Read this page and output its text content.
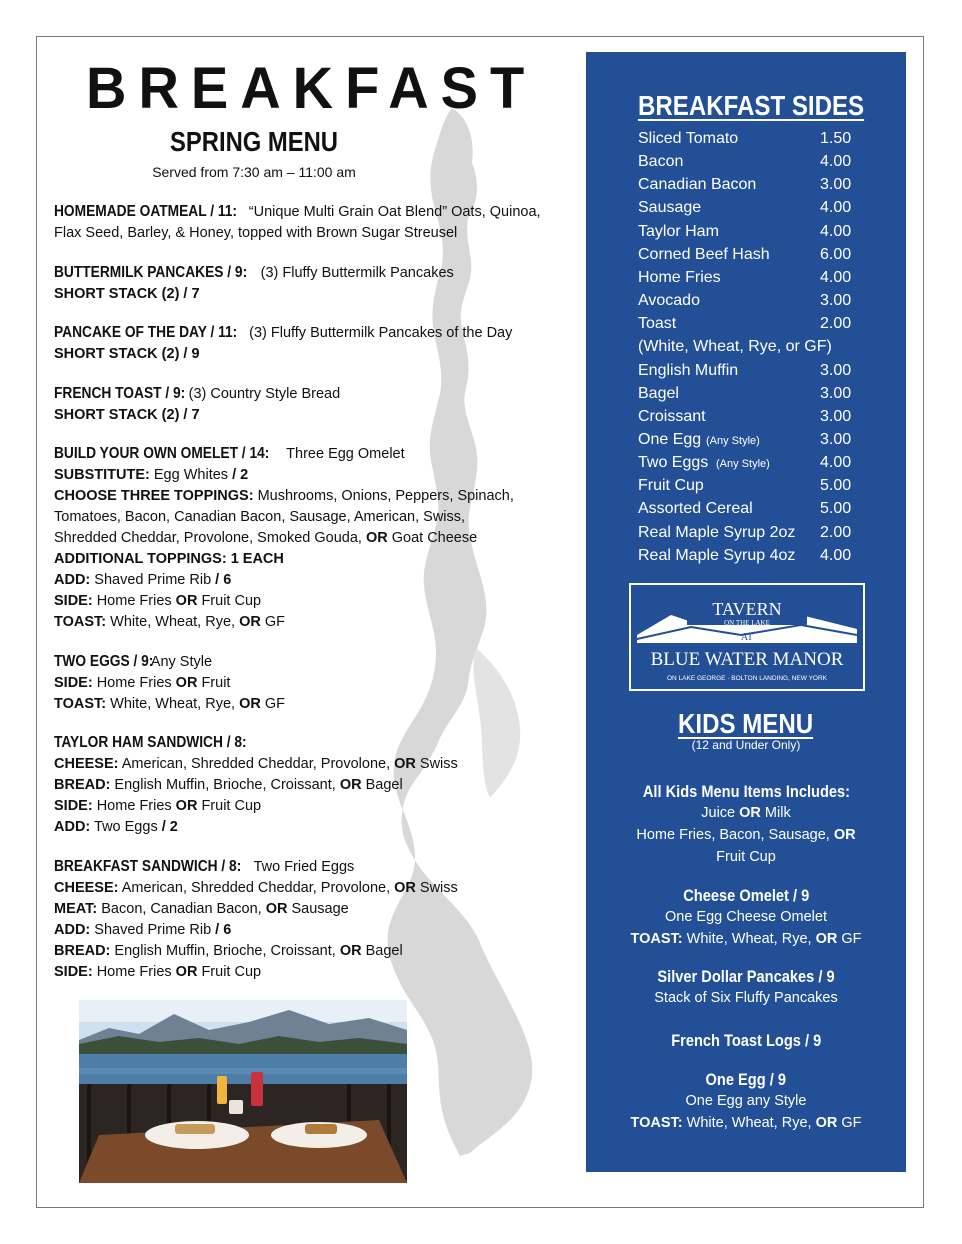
BREAKFAST
SPRING MENU
Served from 7:30 am – 11:00 am
HOMEMADE OATMEAL / 11: “Unique Multi Grain Oat Blend” Oats, Quinoa,
Flax Seed, Barley, & Honey, topped with Brown Sugar Streusel
BUTTERMILK PANCAKES / 9: (3) Fluffy Buttermilk Pancakes
SHORT STACK (2) / 7
PANCAKE OF THE DAY / 11: (3) Fluffy Buttermilk Pancakes of the Day
SHORT STACK (2) / 9
FRENCH TOAST / 9: (3) Country Style Bread
SHORT STACK (2) / 7
BUILD YOUR OWN OMELET / 14: Three Egg Omelet
SUBSTITUTE: Egg Whites / 2
CHOOSE THREE TOPPINGS: Mushrooms, Onions, Peppers, Spinach,
Tomatoes, Bacon, Canadian Bacon, Sausage, American, Swiss,
Shredded Cheddar, Provolone, Smoked Gouda, OR Goat Cheese
ADDITIONAL TOPPINGS: 1 EACH
ADD: Shaved Prime Rib / 6
SIDE: Home Fries OR Fruit Cup
TOAST: White, Wheat, Rye, OR GF
TWO EGGS / 9: Any Style
SIDE: Home Fries OR Fruit
TOAST: White, Wheat, Rye, OR GF
TAYLOR HAM SANDWICH / 8:
CHEESE: American, Shredded Cheddar, Provolone, OR Swiss
BREAD: English Muffin, Brioche, Croissant, OR Bagel
SIDE: Home Fries OR Fruit Cup
ADD: Two Eggs / 2
BREAKFAST SANDWICH / 8: Two Fried Eggs
CHEESE: American, Shredded Cheddar, Provolone, OR Swiss
MEAT: Bacon, Canadian Bacon, OR Sausage
ADD: Shaved Prime Rib / 6
BREAD: English Muffin, Brioche, Croissant, OR Bagel
SIDE: Home Fries OR Fruit Cup
BREAKFAST SIDES
Sliced Tomato	1.50
Bacon	4.00
Canadian Bacon	3.00
Sausage	4.00
Taylor Ham	4.00
Corned Beef Hash	6.00
Home Fries	4.00
Avocado	3.00
Toast	2.00
(White, Wheat, Rye, or GF)
English Muffin	3.00
Bagel	3.00
Croissant	3.00
One Egg (Any Style)	3.00
Two Eggs (Any Style)	4.00
Fruit Cup	5.00
Assorted Cereal	5.00
Real Maple Syrup 2oz 2.00
Real Maple Syrup 4oz 4.00
TAVERN
ON THE LAKE
AT
BLUE WATER MANOR
ON LAKE GEORGE · BOLTON LANDING, NEW YORK
KIDS MENU
(12 and Under Only)
All Kids Menu Items Includes:
Juice OR Milk
Home Fries, Bacon, Sausage, OR
Fruit Cup
Cheese Omelet / 9
One Egg Cheese Omelet
TOAST: White, Wheat, Rye, OR GF
Silver Dollar Pancakes / 9
Stack of Six Fluffy Pancakes
French Toast Logs / 9
One Egg / 9
One Egg any Style
TOAST: White, Wheat, Rye, OR GF
